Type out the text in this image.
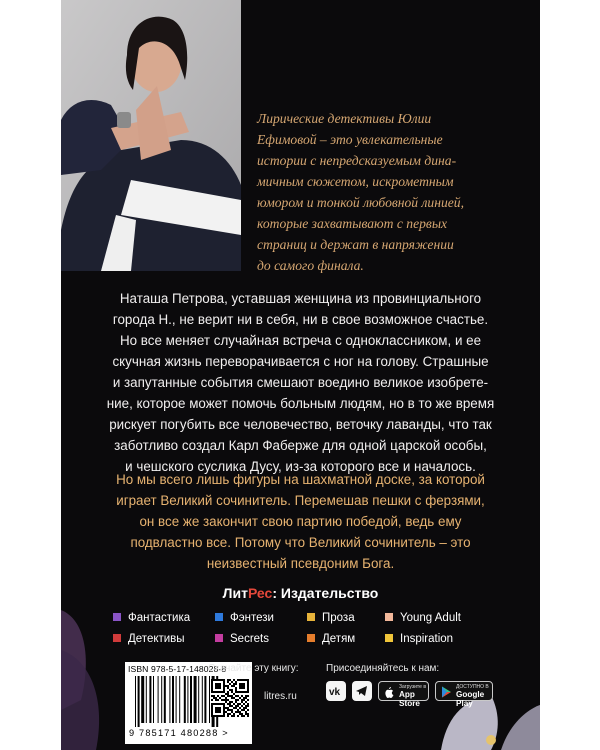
Лирические детективы Юлии
Ефимовой – это увлекательные
истории с непредсказуемым дина-
мичным сюжетом, искрометным
юмором и тонкой любовной линией,
которые захватывают с первых
страниц и держат в напряжении
до самого финала.

Наташа Петрова, уставшая женщина из провинциального
города Н., не верит ни в себя, ни в свое возможное счастье.
Но все меняет случайная встреча с одноклассником, и ее
скучная жизнь переворачивается с ног на голову. Страшные
и запутанные события смешают воедино великое изобрете-
ние, которое может помочь больным людям, но в то же время
рискует погубить все человечество, веточку лаванды, что так
заботливо создал Карл Фаберже для одной царской особы,
и чешского суслика Дусу, из-за которого все и началось.
Но мы всего лишь фигуры на шахматной доске, за которой
играет Великий сочинитель. Перемешав пешки с ферзями,
он все же закончит свою партию победой, ведь ему
подвластно все. Потому что Великий сочинитель – это
неизвестный псевдоним Бога.
ЛитРес: Издательство
Фантастика	Фэнтези	Проза	Young Adult
Детективы	Secrets	Детям	Inspiration
ISBN 978-5-17-148028-8
9 785171 480288 >
Скачайте эту книгу:
litres.ru
Присоединяйтесь к нам:
vk	Загрузите в
App Store
ДОСТУПНО В
Google Play
